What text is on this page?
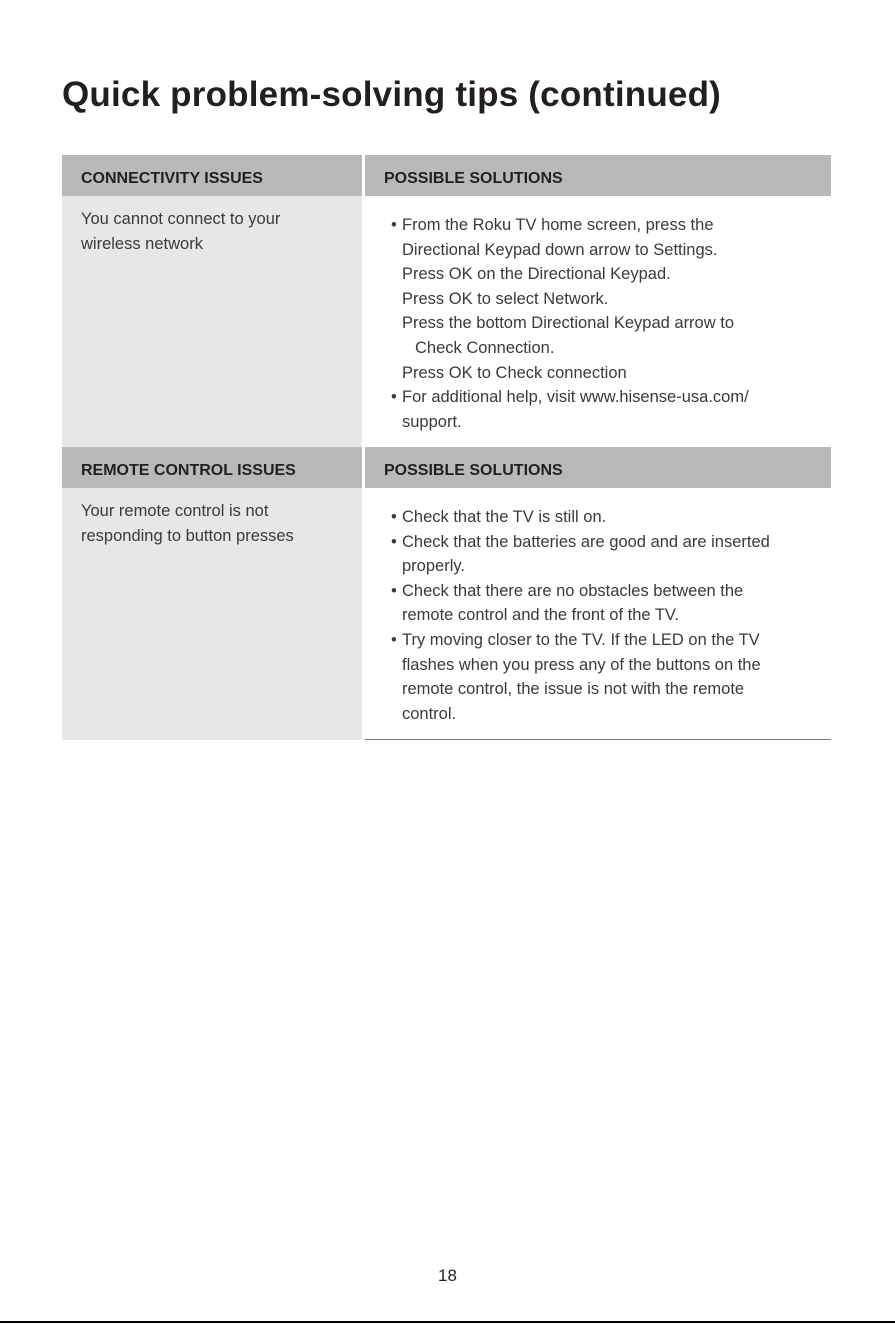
Quick problem-solving tips (continued)
CONNECTIVITY ISSUES	POSSIBLE SOLUTIONS
You cannot connect to your
wireless network
• From the Roku TV home screen, press the
Directional Keypad down arrow to Settings.
Press OK on the Directional Keypad.
Press OK to select Network.
Press the bottom Directional Keypad arrow to
Check Connection.
Press OK to Check connection
• For additional help, visit www.hisense-usa.com/
support.
REMOTE CONTROL ISSUES	POSSIBLE SOLUTIONS
Your remote control is not
responding to button presses
• Check that the TV is still on.
• Check that the batteries are good and are inserted
properly.
• Check that there are no obstacles between the
remote control and the front of the TV.
• Try moving closer to the TV. If the LED on the TV
flashes when you press any of the buttons on the
remote control, the issue is not with the remote
control.
18
